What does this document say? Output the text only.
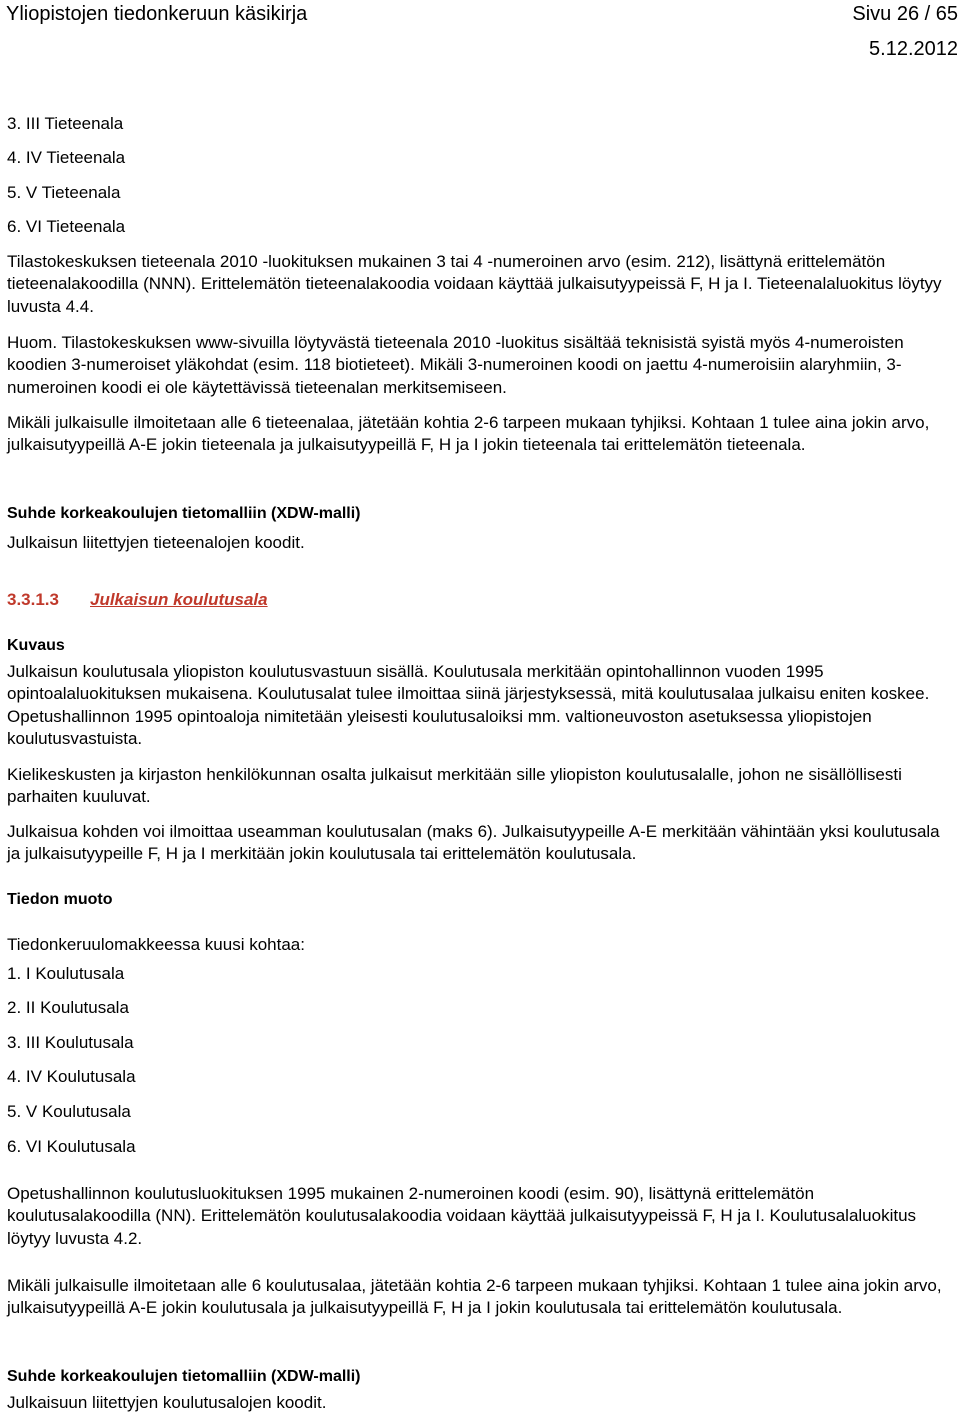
Yliopistojen tiedonkeruun käsikirja	Sivu 26 / 65
5.12.2012
3. III Tieteenala
4. IV Tieteenala
5. V Tieteenala
6. VI Tieteenala
Tilastokeskuksen tieteenala 2010 -luokituksen mukainen 3 tai 4 -numeroinen arvo (esim. 212), lisättynä erittelemätön tieteenalakoodilla (NNN). Erittelemätön tieteenalakoodia voidaan käyttää julkaisutyypeissä F, H ja I. Tieteenalaluokitus löytyy luvusta 4.4.
Huom. Tilastokeskuksen www-sivuilla löytyvästä tieteenala 2010 -luokitus sisältää teknisistä syistä myös 4-numeroisten koodien 3-numeroiset yläkohdat (esim. 118 biotieteet). Mikäli 3-numeroinen koodi on jaettu 4-numeroisiin alaryhmiin, 3-numeroinen koodi ei ole käytettävissä tieteenalan merkitsemiseen.
Mikäli julkaisulle ilmoitetaan alle 6 tieteenalaa, jätetään kohtia 2-6 tarpeen mukaan tyhjiksi. Kohtaan 1 tulee aina jokin arvo, julkaisutyypeillä A-E jokin tieteenala ja julkaisutyypeillä F, H ja I jokin tieteenala tai erittelemätön tieteenala.
Suhde korkeakoulujen tietomalliin (XDW-malli)
Julkaisun liitettyjen tieteenalojen koodit.
3.3.1.3 Julkaisun koulutusala
Kuvaus
Julkaisun koulutusala yliopiston koulutusvastuun sisällä. Koulutusala merkitään opintohallinnon vuoden 1995 opintoalaluokituksen mukaisena. Koulutusalat tulee ilmoittaa siinä järjestyksessä, mitä koulutusalaa julkaisu eniten koskee. Opetushallinnon 1995 opintoaloja nimitetään yleisesti koulutusaloiksi mm. valtioneuvoston asetuksessa yliopistojen koulutusvastuista.
Kielikeskusten ja kirjaston henkilökunnan osalta julkaisut merkitään sille yliopiston koulutusalalle, johon ne sisällöllisesti parhaiten kuuluvat.
Julkaisua kohden voi ilmoittaa useamman koulutusalan (maks 6). Julkaisutyypeille A-E merkitään vähintään yksi koulutusala ja julkaisutyypeille F, H ja I merkitään jokin koulutusala tai erittelemätön koulutusala.
Tiedon muoto
Tiedonkeruulomakkeessa kuusi kohtaa:
1. I Koulutusala
2. II Koulutusala
3. III Koulutusala
4. IV Koulutusala
5. V Koulutusala
6. VI Koulutusala
Opetushallinnon koulutusluokituksen 1995 mukainen 2-numeroinen koodi (esim. 90), lisättynä erittelemätön koulutusalakoodilla (NN). Erittelemätön koulutusalakoodia voidaan käyttää julkaisutyypeissä F, H ja I. Koulutusalaluokitus löytyy luvusta 4.2.
Mikäli julkaisulle ilmoitetaan alle 6 koulutusalaa, jätetään kohtia 2-6 tarpeen mukaan tyhjiksi. Kohtaan 1 tulee aina jokin arvo, julkaisutyypeillä A-E jokin koulutusala ja julkaisutyypeillä F, H ja I jokin koulutusala tai erittelemätön koulutusala.
Suhde korkeakoulujen tietomalliin (XDW-malli)
Julkaisuun liitettyjen koulutusalojen koodit.
